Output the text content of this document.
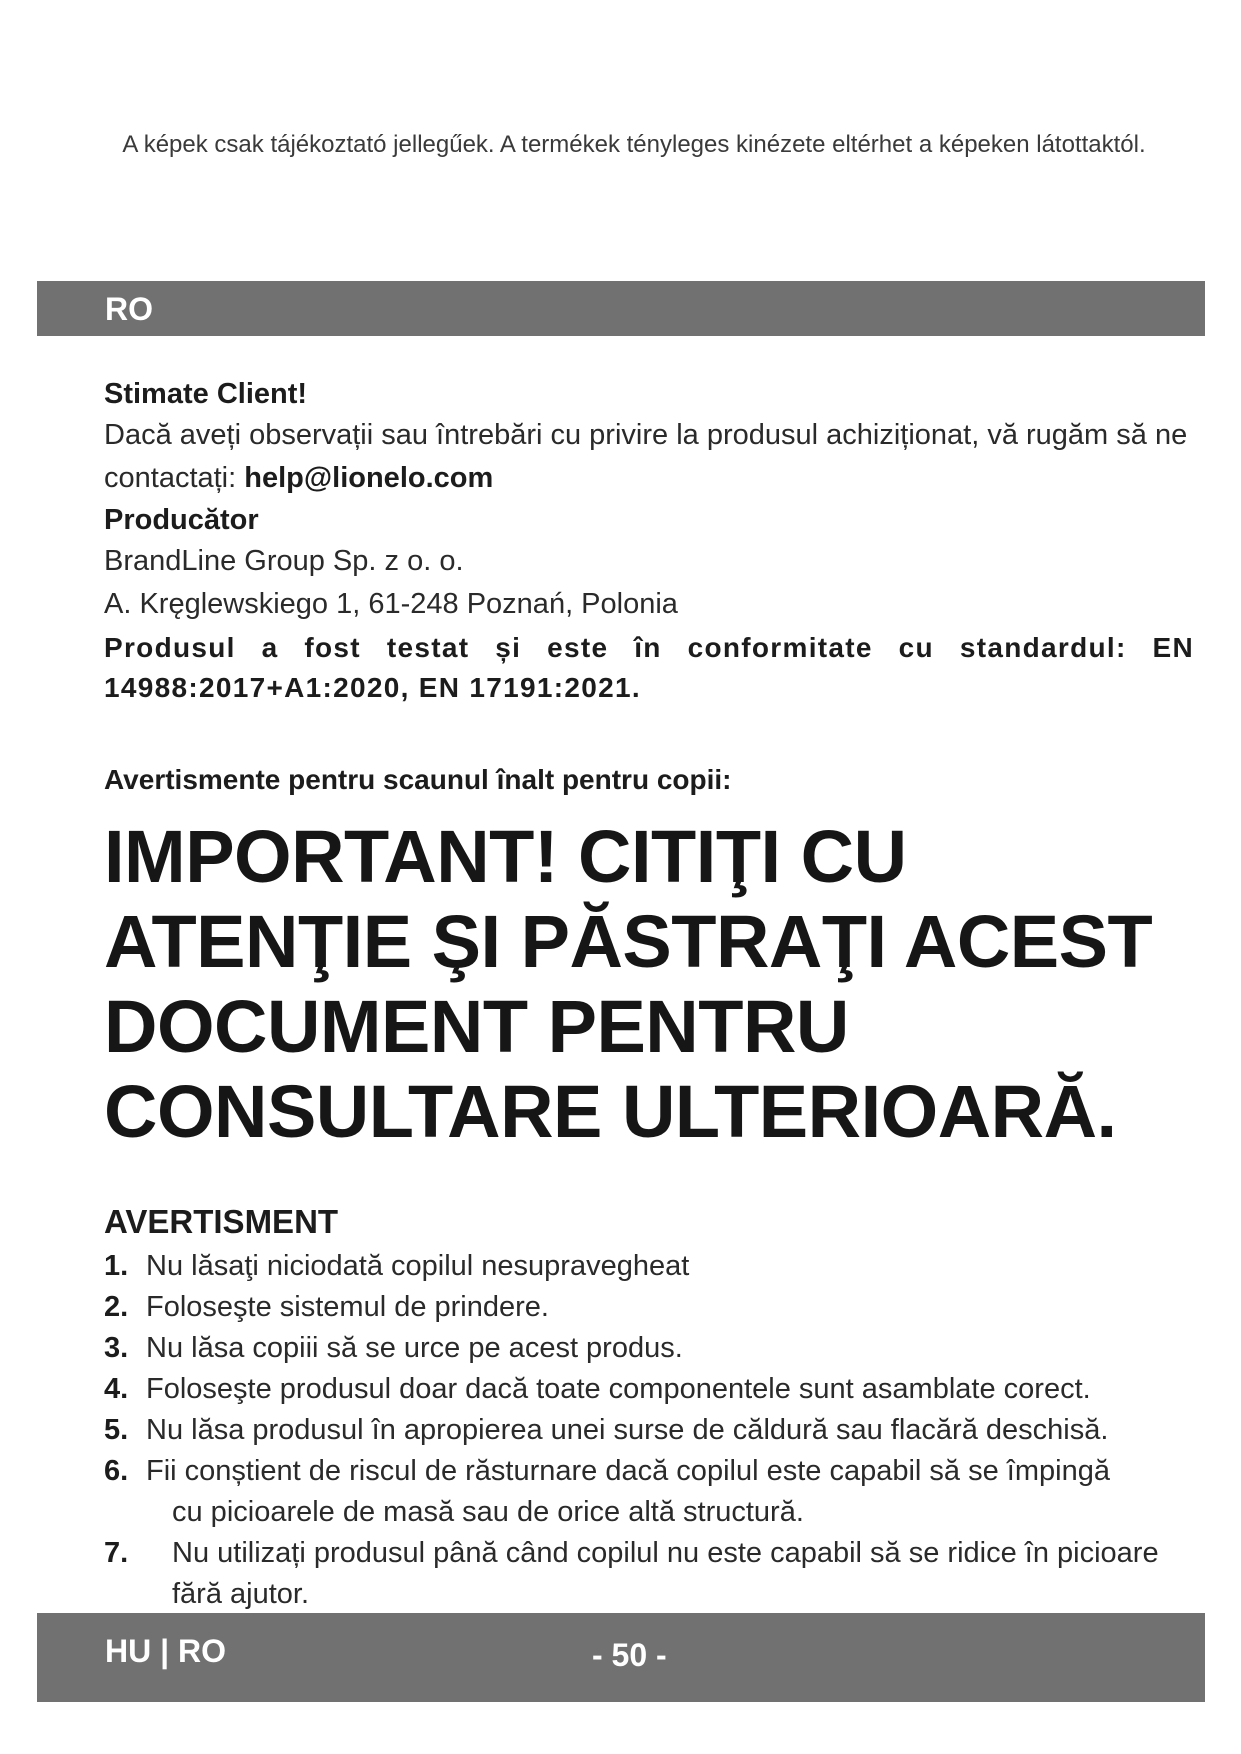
A képek csak tájékoztató jellegűek. A termékek tényleges kinézete eltérhet a képeken látottaktól.
RO
Stimate Client!
Dacă aveți observații sau întrebări cu privire la produsul achiziționat, vă rugăm să ne contactați: help@lionelo.com
Producător
BrandLine Group Sp. z o. o.
A. Kręglewskiego 1, 61-248 Poznań, Polonia
Produsul a fost testat și este în conformitate cu standardul: EN 14988:2017+A1:2020, EN 17191:2021.
Avertismente pentru scaunul înalt pentru copii:
IMPORTANT! CITIŢI CU ATENŢIE ŞI PĂSTRAŢI ACEST DOCUMENT PENTRU CONSULTARE ULTERIOARĂ.
AVERTISMENT
1. Nu lăsaţi niciodată copilul nesupravegheat
2. Foloseşte sistemul de prindere.
3. Nu lăsa copiii să se urce pe acest produs.
4. Foloseşte produsul doar dacă toate componentele sunt asamblate corect.
5. Nu lăsa produsul în apropierea unei surse de căldură sau flacără deschisă.
6. Fii conștient de riscul de răsturnare dacă copilul este capabil să se împingă
cu picioarele de masă sau de orice altă structură.
7.	Nu utilizați produsul până când copilul nu este capabil să se ridice în picioare fără ajutor.
HU | RO	- 50 -
